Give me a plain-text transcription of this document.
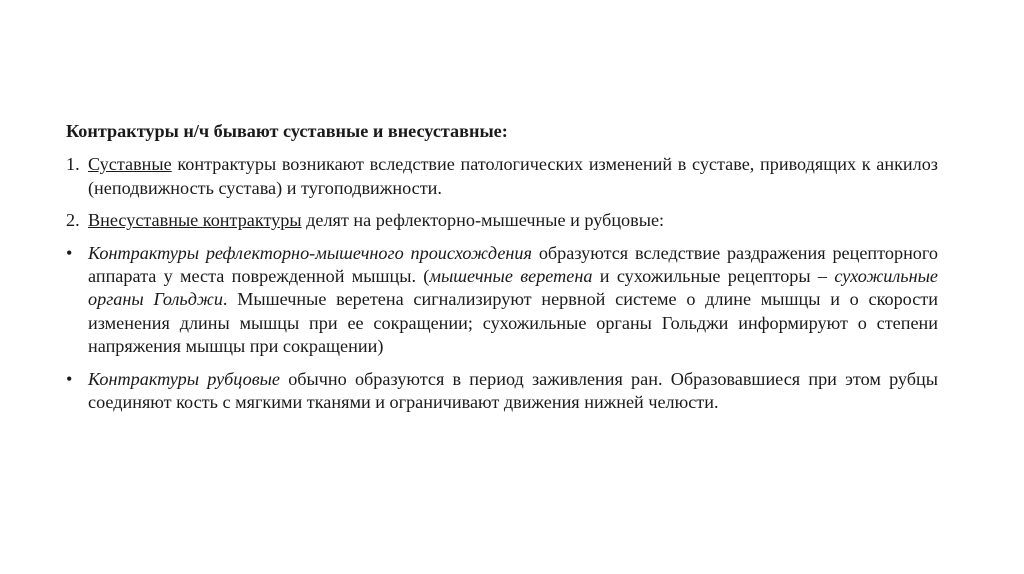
Контрактуры н/ч бывают суставные и внесуставные:

1. Суставные контрактуры возникают вследствие патологических изменений в суставе, приводящих к анкилоз (неподвижность сустава) и тугоподвижности.

2. Внесуставные контрактуры делят на рефлекторно-мышечные и рубцовые:

• Контрактуры рефлекторно-мышечного происхождения образуются вследствие раздражения рецепторного аппарата у места поврежденной мышцы. (мышечные веретена и сухожильные рецепторы – сухожильные органы Гольджи. Мышечные веретена сигнализируют нервной системе о длине мышцы и о скорости изменения длины мышцы при ее сокращении; сухожильные органы Гольджи информируют о степени напряжения мышцы при сокращении)

• Контрактуры рубцовые обычно образуются в период заживления ран. Образовавшиеся при этом рубцы соединяют кость с мягкими тканями и ограничивают движения нижней челюсти.
